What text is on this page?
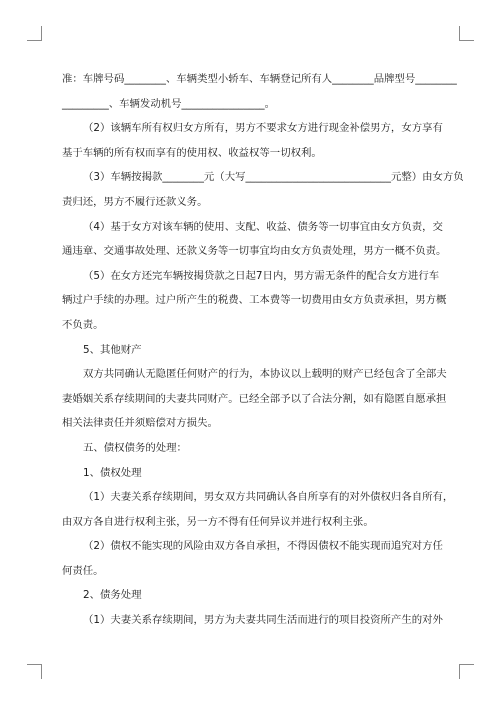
准：车牌号码________、车辆类型小轿车、车辆登记所有人________品牌型号________
_________、车辆发动机号________________。
（2）该辆车所有权归女方所有，男方不要求女方进行现金补偿男方，女方享有
基于车辆的所有权而享有的使用权、收益权等一切权利。
（3）车辆按揭款________元（大写____________________________元整）由女方负
责归还，男方不履行还款义务。
（4）基于女方对该车辆的使用、支配、收益、债务等一切事宜由女方负责，交
通违章、交通事故处理、还款义务等一切事宜均由女方负责处理，男方一概不负责。
（5）在女方还完车辆按揭贷款之日起7日内，男方需无条件的配合女方进行车
辆过户手续的办理。过户所产生的税费、工本费等一切费用由女方负责承担，男方概
不负责。
5、其他财产
双方共同确认无隐匿任何财产的行为，本协议以上载明的财产已经包含了全部夫
妻婚姻关系存续期间的夫妻共同财产。已经全部予以了合法分割，如有隐匿自愿承担
相关法律责任并须赔偿对方损失。
五、债权债务的处理：
1、债权处理
（1）夫妻关系存续期间，男女双方共同确认各自所享有的对外债权归各自所有，
由双方各自进行权利主张，另一方不得有任何异议并进行权利主张。
（2）债权不能实现的风险由双方各自承担，不得因债权不能实现而追究对方任
何责任。
2、债务处理
（1）夫妻关系存续期间，男方为夫妻共同生活而进行的项目投资所产生的对外
